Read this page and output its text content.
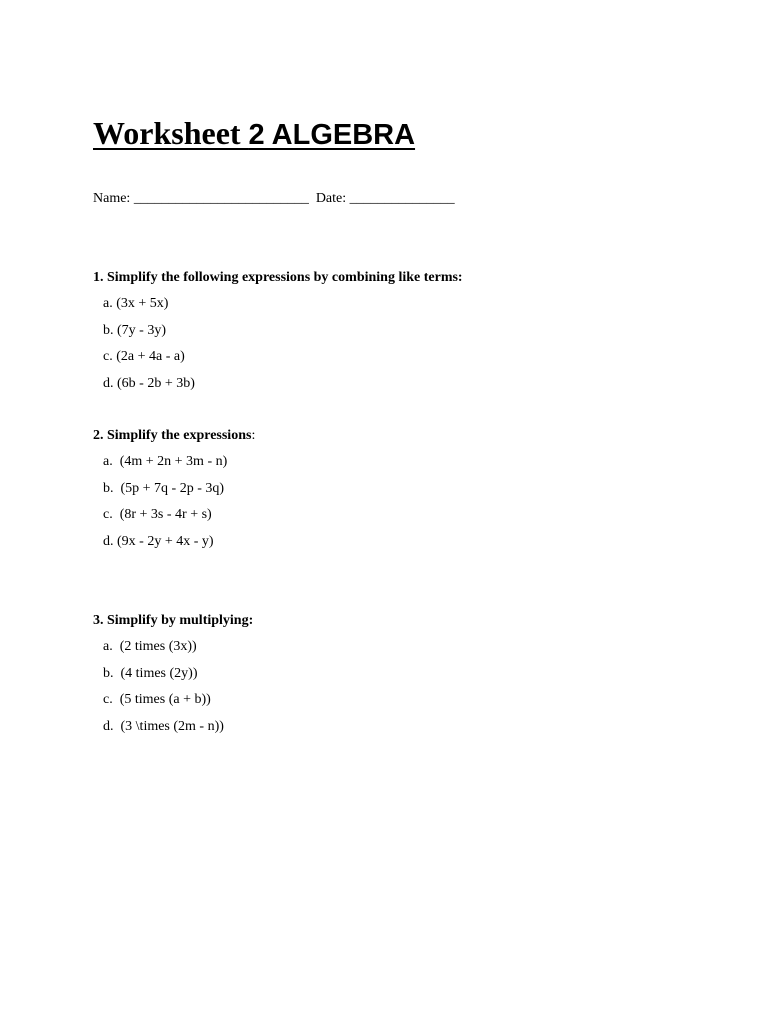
Worksheet 2 ALGEBRA
Name: _________________________  Date: _______________
1. Simplify the following expressions by combining like terms:
a. (3x + 5x)
b. (7y - 3y)
c. (2a + 4a - a)
d. (6b - 2b + 3b)
2. Simplify the expressions:
a.  (4m + 2n + 3m - n)
b.  (5p + 7q - 2p - 3q)
c.  (8r + 3s - 4r + s)
d. (9x - 2y + 4x - y)
3. Simplify by multiplying:
a.  (2 times (3x))
b.  (4 times (2y))
c.  (5 times (a + b))
d.  (3 \times (2m - n))
